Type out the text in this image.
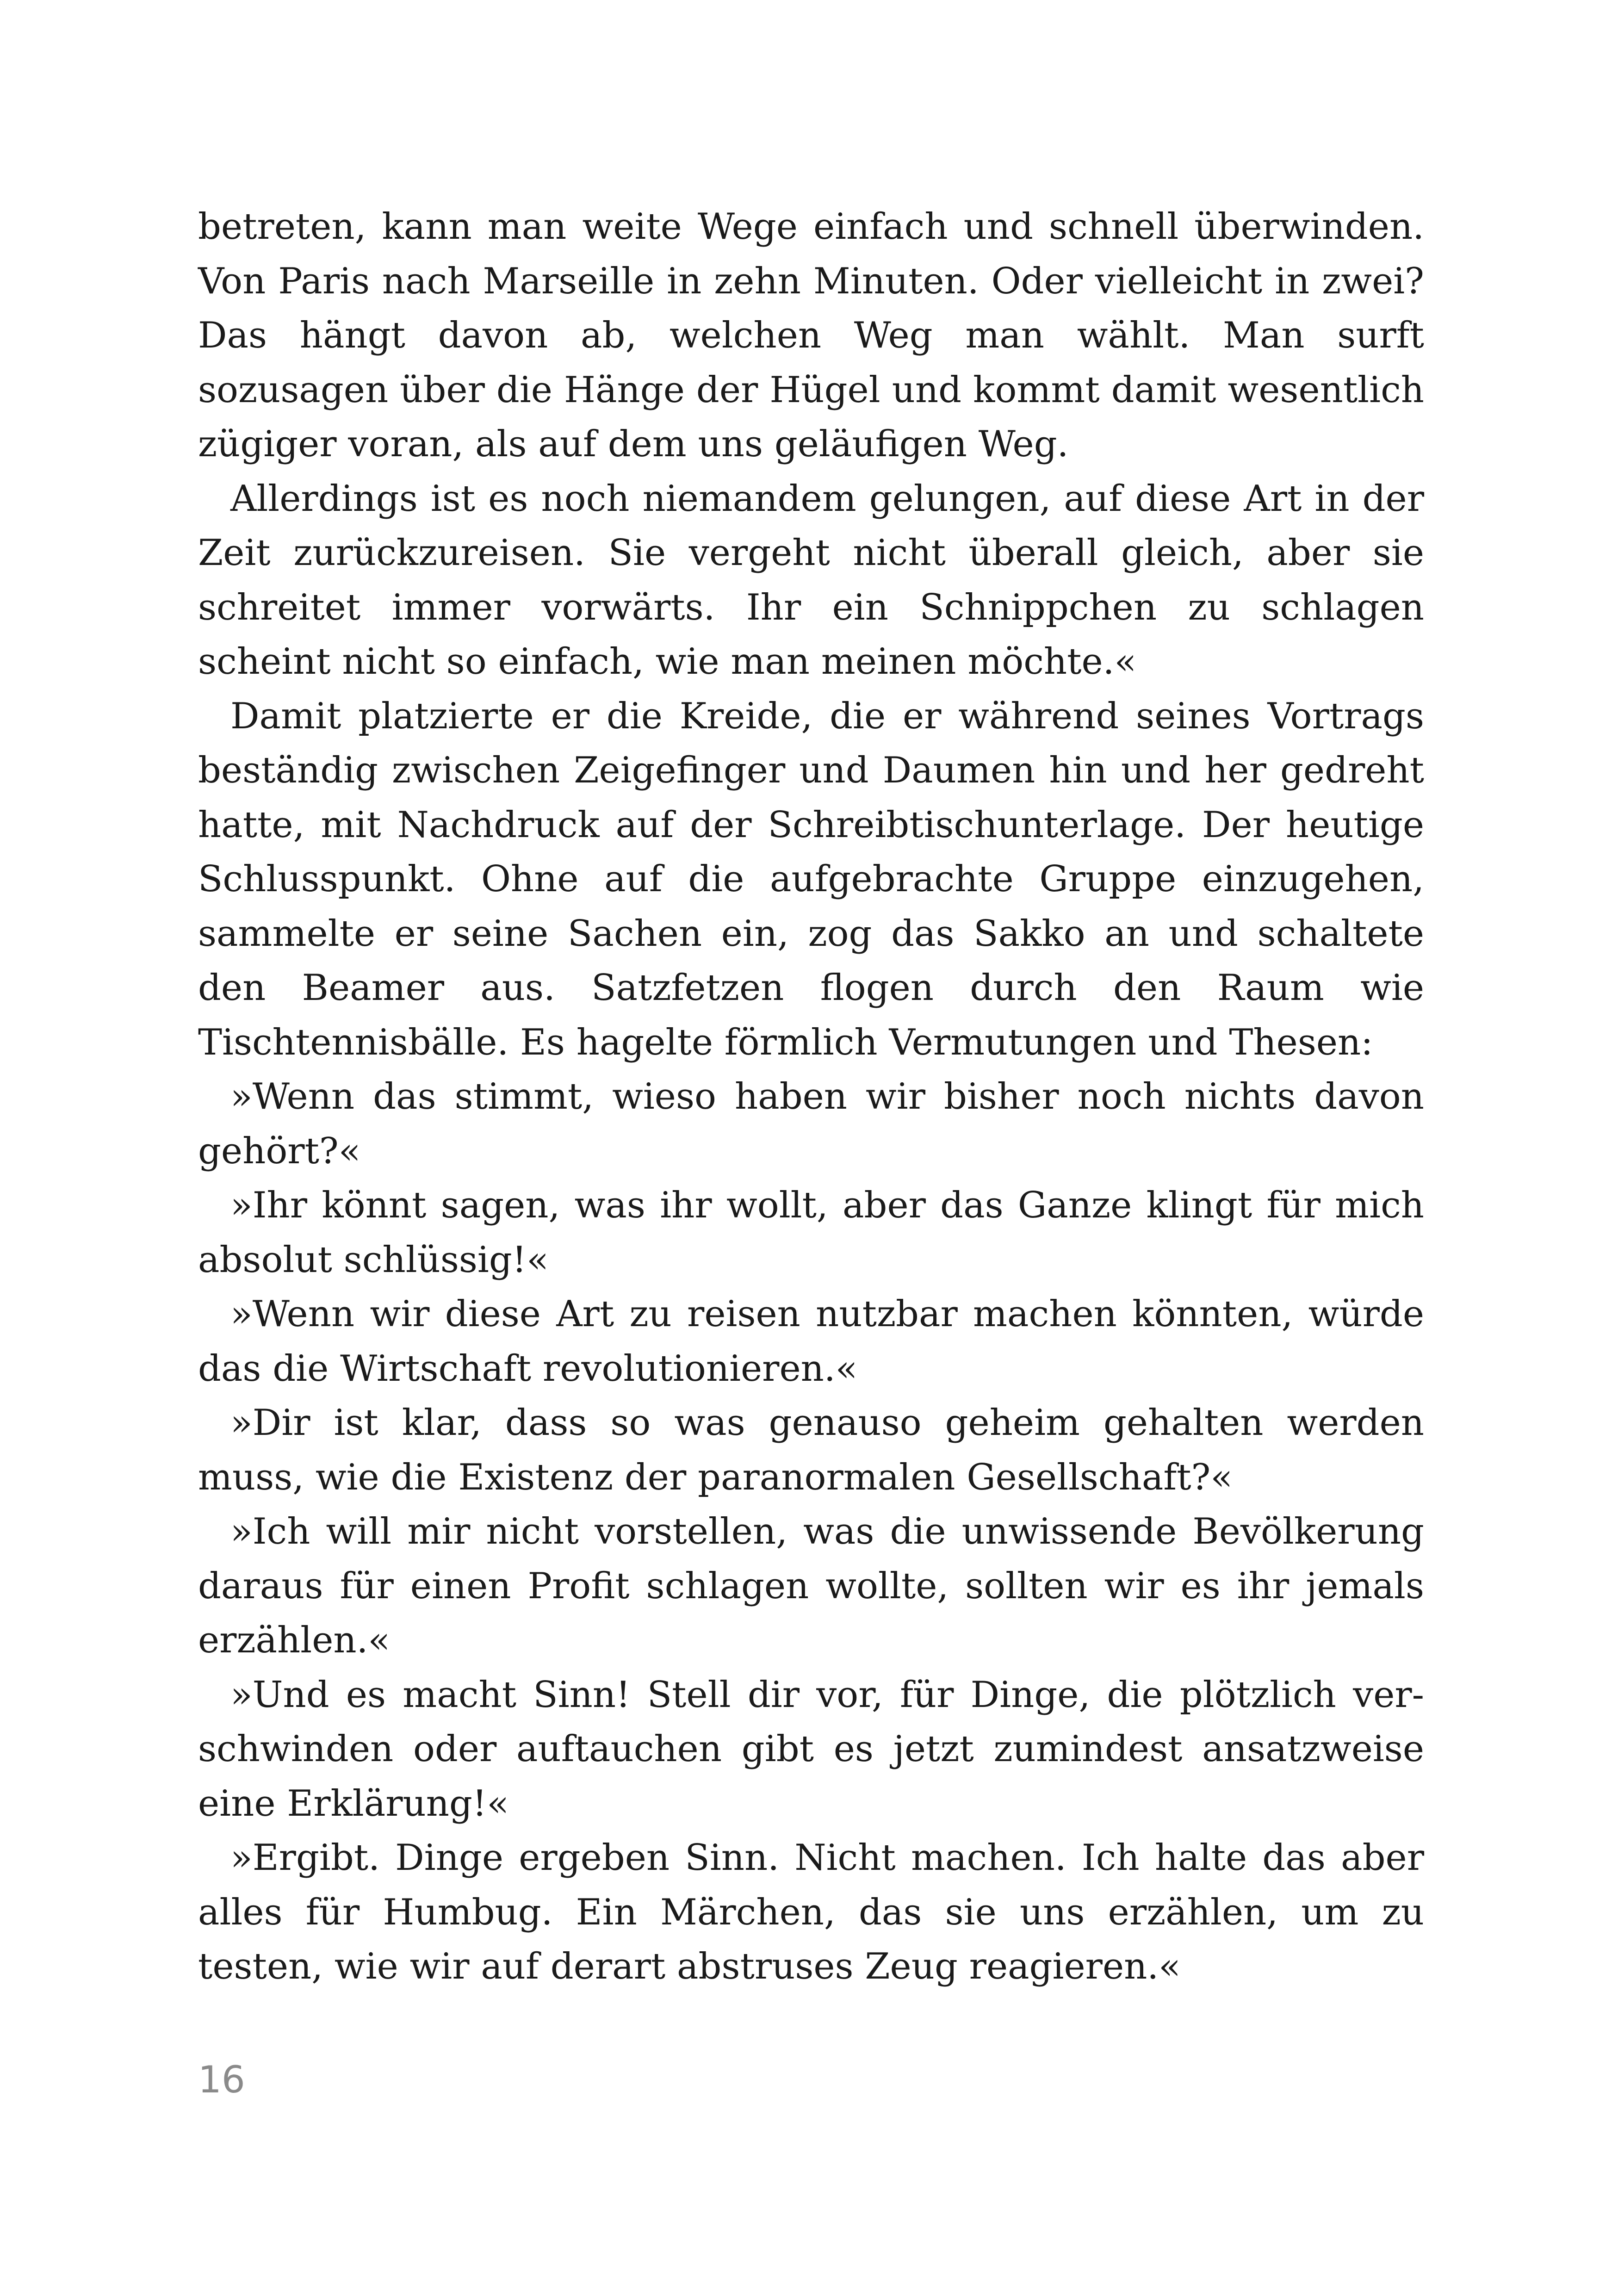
betreten, kann man weite Wege einfach und schnell überwinden. Von Paris nach Marseille in zehn Minuten. Oder vielleicht in zwei? Das hängt davon ab, welchen Weg man wählt. Man surft sozusagen über die Hänge der Hügel und kommt damit wesentlich zügiger voran, als auf dem uns geläufigen Weg.

Allerdings ist es noch niemandem gelungen, auf diese Art in der Zeit zurückzureisen. Sie vergeht nicht überall gleich, aber sie schreitet immer vorwärts. Ihr ein Schnippchen zu schlagen scheint nicht so einfach, wie man meinen möchte.«

Damit platzierte er die Kreide, die er während seines Vortrags beständig zwischen Zeigefinger und Daumen hin und her gedreht hatte, mit Nachdruck auf der Schreibtischunterlage. Der heutige Schlusspunkt. Ohne auf die aufgebrachte Gruppe einzugehen, sammelte er seine Sachen ein, zog das Sakko an und schaltete den Beamer aus. Satzfetzen flogen durch den Raum wie Tischtennisbälle. Es hagelte förmlich Vermutungen und Thesen:

»Wenn das stimmt, wieso haben wir bisher noch nichts davon gehört?«

»Ihr könnt sagen, was ihr wollt, aber das Ganze klingt für mich absolut schlüssig!«

»Wenn wir diese Art zu reisen nutzbar machen könnten, würde das die Wirtschaft revolutionieren.«

»Dir ist klar, dass so was genauso geheim gehalten werden muss, wie die Existenz der paranormalen Gesellschaft?«

»Ich will mir nicht vorstellen, was die unwissende Bevölkerung daraus für einen Profit schlagen wollte, sollten wir es ihr jemals erzählen.«

»Und es macht Sinn! Stell dir vor, für Dinge, die plötzlich verschwinden oder auftauchen gibt es jetzt zumindest ansatzweise eine Erklärung!«

»Ergibt. Dinge ergeben Sinn. Nicht machen. Ich halte das aber alles für Humbug. Ein Märchen, das sie uns erzählen, um zu testen, wie wir auf derart abstruses Zeug reagieren.«

16
